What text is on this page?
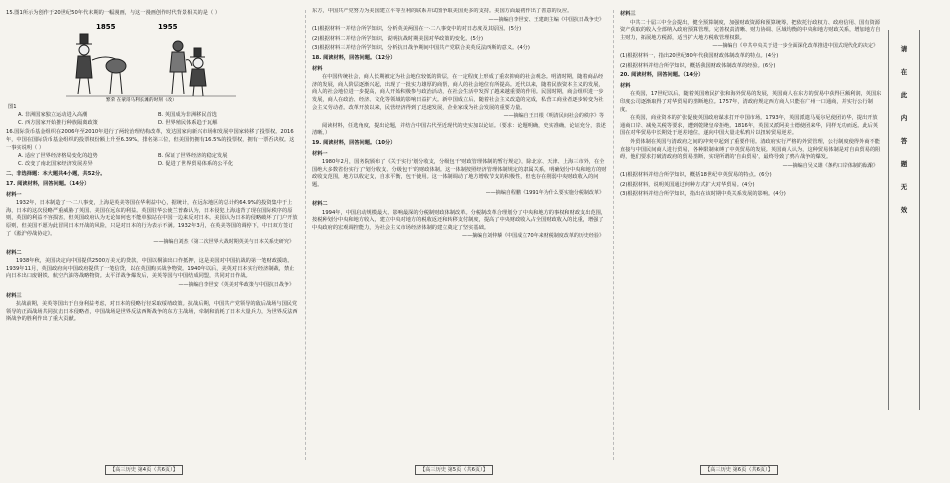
15.图1所示为创作于20世纪50年代末期的一幅漫画，与这一漫画创作时代背景相关的是（ ）
1855	1955
繁荣 在蒙哥马利长滩的时刻（改）
图1
A. 非洲国家独立运动进入高潮	B. 英国成为非洲移民首选
C. 西方国家开始推行种族隔离政策	D. 世界殖民体系趋于瓦解
16.国际货币基金组织在2006年至2010年进行了两轮治理结构改革，发达国家向新兴市场和发展中国家转移了投票权。2016年，中国在国际货币基金组织的投票权份额上升至6.39%，排名第三位，但美国仍拥有16.5%的投票权，拥有一票否决权。这一事实说明（ ）
A. 适应了世界经济格局变化的趋势	B. 保证了世界经济的稳定发展
C. 改变了南北国家经济发展差异	D. 促进了世界贸易体系的公平化
二、非选择题：本大题共4小题，共52分。
17. 阅读材料，回答问题。（14分）
材料一
1932年，日本制造了一·二八事变，上海是英美等国在华利益中心，据统计，在远东地区的总计约64.9%的投资集中于上海，日本的这次侵略严重威胁了英国、美国在远东的利益。英国驻华公使兰普森认为，日本侵犯上海违背了现在国际秩序的原则，英国的利益不容损害，但英国政府认为无论如何也不能单独站在中国一边来反对日本。美国认为日本的侵略破坏了门户开放原则，但美国不愿为此冒同日本开战的风险，只是对日本的行为表示不满。1932年3月，在英美等国的调停下，中日双方签订了《淞沪停战协定》。
——摘编自刘杰《第二次世界大战时期英美与日本关系史研究》
材料二
1938年秋，美国决定向中国提供2500万美元的贷款，中国以桐油出口作抵押，这是美国对中国抗战的第一笔财政援助。1939年11月，英国政府向中国政府提供了一笔信贷，以在英国购买战争物资。1940年以后，美英对日本实行经济制裁，禁止向日本出口废钢铁、航空汽油等战略物资。太平洋战争爆发后，美英等国与中国结成同盟，共同对日作战。
——摘编自李世安《英美对华政策与中国抗日战争》
材料三
抗战前期，美英等国出于自身利益考虑，对日本的侵略行径采取绥靖政策。抗战后期，中国共产党领导的敌后战场与国民党领导的正面战场共同抗击日本侵略者，中国战场是世界反法西斯战争的东方主战场，牵制和消耗了日本大量兵力，为世界反法西斯战争的胜利作出了重大贡献。
【高三历史 第4页（共6页）】
东方，中国共产党努力为美国建立平等互利的联系并试图争取美国更多的支持。美国方面最初作出了善意的反应。
——摘编自李世安、王建朗主编《中国抗日战争史》
(1)根据材料一并结合所学知识，分析英美两国在一·二八事变中的对日态度及其原因。(5分)
(2)根据材料二并结合所学知识，说明抗战时期美国对华政策的变化。(5分)
(3)根据材料三并结合所学知识，分析抗日战争期间中国共产党联合美英反法西斯的意义。(4分)
18. 阅读材料，回答问题。（12分）
材料
在中国传统社会，商人长期被定为社会地位较低的阶层，在一定程度上形成了重农抑商的社会观念。明清时期，随着商品经济的发展，商人阶层逐渐兴起，出现了一批实力雄厚的商帮，商人的社会地位有所提高。近代以来，随着民族资本主义的发展，商人的社会地位进一步提高，商人开始积极参与政治活动，在社会生活中发挥了越来越重要的作用。民国时期，商会组织进一步发展，商人在政治、经济、文化等领域的影响日益扩大。新中国成立后，随着社会主义改造的完成，私营工商业者逐步转变为社会主义劳动者。改革开放以来，民营经济得到了迅速发展，企业家成为社会发展的重要力量。
——摘编自王日根《明清民间社会的秩序》等
阅读材料，任选角度，提出论题，并结合中国古代至近现代的史实加以论证。（要求：论题明确，史实准确，论证充分，表述清晰。）
19. 阅读材料，回答问题。（10分）
材料一
1980年2月，国务院颁布了《关于实行'划分收支，分级包干'财政管理体制的暂行规定》，除北京、天津、上海三市外，在全国绝大多数省份实行了'划分收支、分级包干'的财政体制。这一体制按照经济管理体制规定的隶属关系，明确划分中央和地方的财政收支范围，地方以收定支，自求平衡，包干使用。这一体制调动了地方增收节支的积极性，但也存在削弱中央财政收入的问题。
——摘编自程鹏《1991年为什么要实施分税制改革》
材料二
1994年，中国启动规模最大、影响最深的分税制财政体制改革。分税制改革合理划分了中央和地方的事权和财政支出范围，按税种划分中央和地方收入，建立中央对地方的税收返还和转移支付制度，提高了中央财政收入占全国财政收入的比重，增强了中央政府的宏观调控能力，为社会主义市场经济体制的建立奠定了坚实基础。
——摘编自刘仲藜《中国成立70年来财税制度改革的历史经验》
【高三历史 第5页（共6页）】
材料三
中共二十届三中全会提出，健全预算制度，加强财政资源和预算统筹，把依托行政权力、政府信用、国有资源资产获取的收入全部纳入政府预算管理。完善权责清晰、财力协调、区域均衡的中央和地方财政关系，增加地方自主财力，拓展地方税源，适当扩大地方税收管理权限。
——摘编自《中共中央关于进一步全面深化改革推进中国式现代化的决定》
(1)根据材料一，指出20世纪80年代我国财政体制改革的特点。(4分)
(2)根据材料并结合所学知识，概括我国财政体制改革的经验。(6分)
20. 阅读材料，回答问题。（14分）
材料
在英国，17世纪以后，随着英国殖民扩张和海外贸易的发展，英国商人在东方的贸易中获得巨额利润，英国东印度公司逐渐取得了对华贸易的垄断地位。1757年，清政府规定西方商人只能在广州一口通商，并实行公行制度。
在英国，商业资本的扩张促使英国政府谋求打开中国市场。1793年，英国派遣马戛尔尼使团访华，提出开放通商口岸、减免关税等要求，遭到乾隆皇帝拒绝。1816年，英国又派阿美士德使团来华，同样无功而返。此后英国在对华贸易中长期处于逆差地位，遂向中国大量走私鸦片以扭转贸易逆差。
外贸体制在英国与清政府之间的冲突中起到了重要作用。清政府实行严格的外贸管理，公行制度使得外商不能直接与中国民间商人进行贸易，各种限制束缚了中英贸易的发展。英国商人认为，这种贸易体制是对自由贸易的阻碍，他们要求打破清政府的贸易垄断，实现所谓的'自由贸易'，最终导致了鸦片战争的爆发。
——摘编自吴义雄《条约口岸体制的酝酿》
(1)根据材料并结合所学知识，概括18世纪中英贸易的特点。(6分)
(2)根据材料，说明英国通过何种方式扩大对华贸易。(4分)
(3)根据材料并结合所学知识，指出在该时期中英关系发展的影响。(4分)
【高三历史 第6页（共6页）】
请
在
此
内
答
题
无
效
